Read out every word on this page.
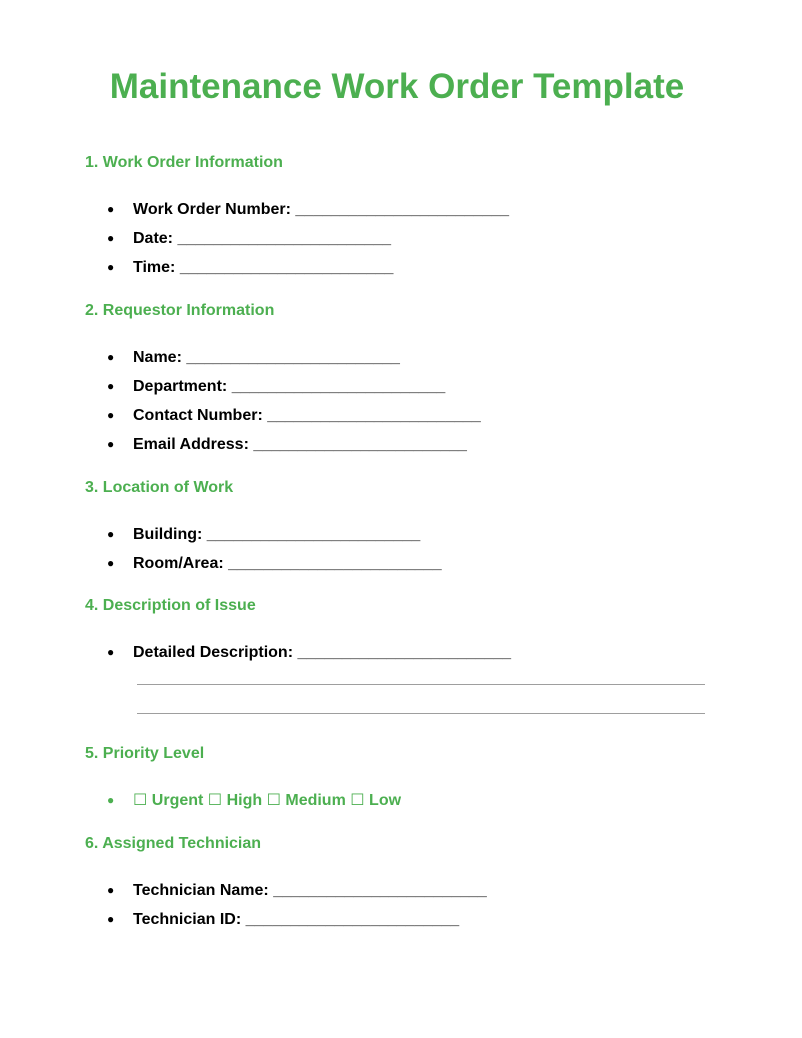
Maintenance Work Order Template
1. Work Order Information
● Work Order Number: ________________________
● Date: ________________________
● Time: ________________________
2. Requestor Information
● Name: ________________________
● Department: ________________________
● Contact Number: ________________________
● Email Address: ________________________
3. Location of Work
● Building: ________________________
● Room/Area: ________________________
4. Description of Issue
● Detailed Description: ________________________
5. Priority Level
● ☐ Urgent ☐ High ☐ Medium ☐ Low
6. Assigned Technician
● Technician Name: ________________________
● Technician ID: ________________________
